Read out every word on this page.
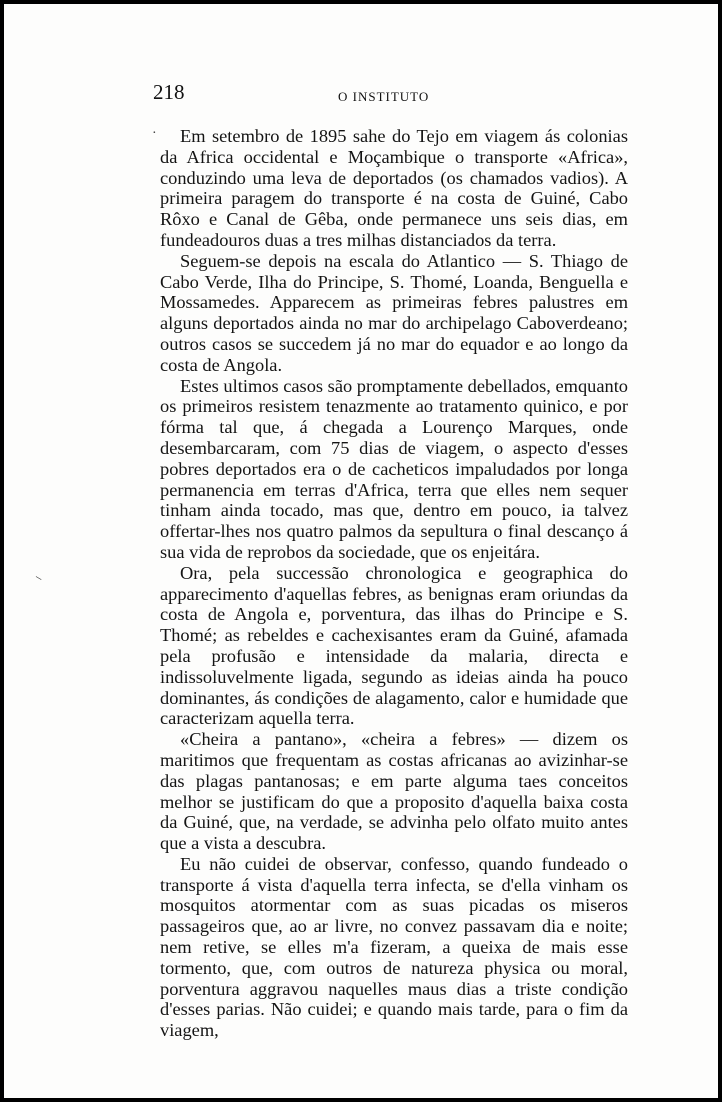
218	O INSTITUTO
·
–

Em setembro de 1895 sahe do Tejo em viagem ás colonias da Africa occidental e Moçambique o transporte «Africa», conduzindo uma leva de deportados (os chamados vadios). A primeira paragem do transporte é na costa de Guiné, Cabo Rôxo e Canal de Gêba, onde permanece uns seis dias, em fundeadouros duas a tres milhas distanciados da terra.

Seguem-se depois na escala do Atlantico — S. Thiago de Cabo Verde, Ilha do Principe, S. Thomé, Loanda, Benguella e Mossamedes. Apparecem as primeiras febres palustres em alguns deportados ainda no mar do archipelago Caboverdeano; outros casos se succedem já no mar do equador e ao longo da costa de Angola.

Estes ultimos casos são promptamente debellados, emquanto os primeiros resistem tenazmente ao tratamento quinico, e por fórma tal que, á chegada a Lourenço Marques, onde desembarcaram, com 75 dias de viagem, o aspecto d'esses pobres deportados era o de cacheticos impaludados por longa permanencia em terras d'Africa, terra que elles nem sequer tinham ainda tocado, mas que, dentro em pouco, ia talvez offertar-lhes nos quatro palmos da sepultura o final descanço á sua vida de reprobos da sociedade, que os enjeitára.

Ora, pela successão chronologica e geographica do apparecimento d'aquellas febres, as benignas eram oriundas da costa de Angola e, porventura, das ilhas do Principe e S. Thomé; as rebeldes e cachexisantes eram da Guiné, afamada pela profusão e intensidade da malaria, directa e indissoluvelmente ligada, segundo as ideias ainda ha pouco dominantes, ás condições de alagamento, calor e humidade que caracterizam aquella terra.

«Cheira a pantano», «cheira a febres» — dizem os maritimos que frequentam as costas africanas ao avizinhar-se das plagas pantanosas; e em parte alguma taes conceitos melhor se justificam do que a proposito d'aquella baixa costa da Guiné, que, na verdade, se advinha pelo olfato muito antes que a vista a descubra.

Eu não cuidei de observar, confesso, quando fundeado o transporte á vista d'aquella terra infecta, se d'ella vinham os mosquitos atormentar com as suas picadas os miseros passageiros que, ao ar livre, no convez passavam dia e noite; nem retive, se elles m'a fizeram, a queixa de mais esse tormento, que, com outros de natureza physica ou moral, porventura aggravou naquelles maus dias a triste condição d'esses parias. Não cuidei; e quando mais tarde, para o fim da viagem,
